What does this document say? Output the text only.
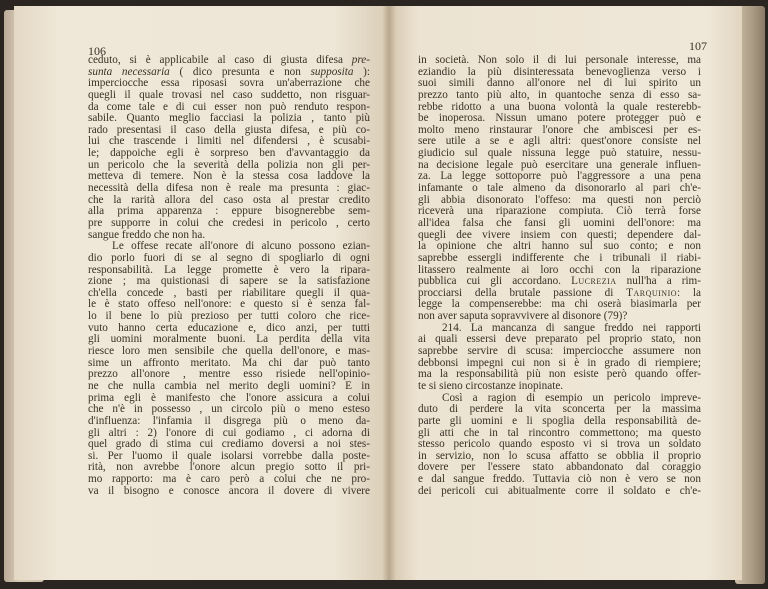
106	107
ceduto, si è applicabile al caso di giusta difesa pre-
sunta necessaria ( dico presunta e non supposita ):
imperciocche essa riposasi sovra un'aberrazione che
quegli il quale trovasi nel caso suddetto, non risguar-
da come tale e di cui esser non può renduto respon-
sabile. Quanto meglio facciasi la polizia , tanto più
rado presentasi il caso della giusta difesa, e più co-
lui che trascende i limiti nel difendersi , è scusabi-
le; dappoiche egli è sorpreso ben d'avvantaggio da
un pericolo che la severità della polizia non gli per-
metteva di temere. Non è la stessa cosa laddove la
necessità della difesa non è reale ma presunta : giac-
che la rarità allora del caso osta al prestar credito
alla prima apparenza : eppure bisognerebbe sem-
pre supporre in colui che credesi in pericolo , certo
sangue freddo che non ha.
Le offese recate all'onore di alcuno possono ezian-
dio porlo fuori di se al segno di spogliarlo di ogni
responsabilità. La legge promette è vero la ripara-
zione ; ma quistionasi di sapere se la satisfazione
ch'ella concede , basti per riabilitare quegli il qua-
le è stato offeso nell'onore: e questo si è senza fal-
lo il bene lo più prezioso per tutti coloro che rice-
vuto hanno certa educazione e, dico anzi, per tutti
gli uomini moralmente buoni. La perdita della vita
riesce loro men sensibile che quella dell'onore, e mas-
sime un affronto meritato. Ma chi dar può tanto
prezzo all'onore , mentre esso risiede nell'opinio-
ne che nulla cambia nel merito degli uomini? E in
prima egli è manifesto che l'onore assicura a colui
che n'è in possesso , un circolo più o meno esteso
d'influenza: l'infamia il disgrega più o meno da-
gli altri : 2) l'onore di cui godiamo , ci adorna di
quel grado di stima cui crediamo doversi a noi stes-
si. Per l'uomo il quale isolarsi vorrebbe dalla poste-
rità, non avrebbe l'onore alcun pregio sotto il pri-
mo rapporto: ma è caro però a colui che ne pro-
va il bisogno e conosce ancora il dovere di vivere
in società. Non solo il di lui personale interesse, ma
eziandio la più disinteressata benevoglienza verso i
suoi simili danno all'onore nel di lui spirito un
prezzo tanto più alto, in quantoche senza di esso sa-
rebbe ridotto a una buona volontà la quale resterebb-
be inoperosa. Nissun umano potere protegger può e
molto meno rinstaurar l'onore che ambiscesi per es-
sere utile a se e agli altri: quest'onore consiste nel
giudicio sul quale nissuna legge può statuire, nessu-
na decisione legale può esercitare una generale influen-
za. La legge sottoporre può l'aggressore a una pena
infamante o tale almeno da disonorarlo al pari ch'e-
gli abbia disonorato l'offeso: ma questi non perciò
riceverà una riparazione compiuta. Ciò terrà forse
all'idea falsa che fansi gli uomini dell'onore: ma
quegli dee vivere insiem con questi; dependere dal-
la opinione che altri hanno sul suo conto; e non
saprebbe essergli indifferente che i tribunali il riabi-
litassero realmente ai loro occhi con la riparazione
pubblica cui gli accordano. Lucrezia null'ha a rim-
procciarsi della brutale passione di Tarquinio: la
legge la compenserebbe: ma chi oserà biasimarla per
non aver saputa sopravvivere al disonore (79)?
214. La mancanza di sangue freddo nei rapporti
ai quali essersi deve preparato pel proprio stato, non
saprebbe servire di scusa: imperciocche assumere non
debbonsi impegni cui non si è in grado di riempiere;
ma la responsabilità più non esiste però quando offer-
te si sieno circostanze inopinate.
Così a ragion di esempio un pericolo impreve-
duto di perdere la vita sconcerta per la massima
parte gli uomini e li spoglia della responsabilità de-
gli atti che in tal rincontro commettono; ma questo
stesso pericolo quando esposto vi si trova un soldato
in servizio, non lo scusa affatto se obblia il proprio
dovere per l'essere stato abbandonato dal coraggio
e dal sangue freddo. Tuttavia ciò non è vero se non
dei pericoli cui abitualmente corre il soldato e ch'e-
